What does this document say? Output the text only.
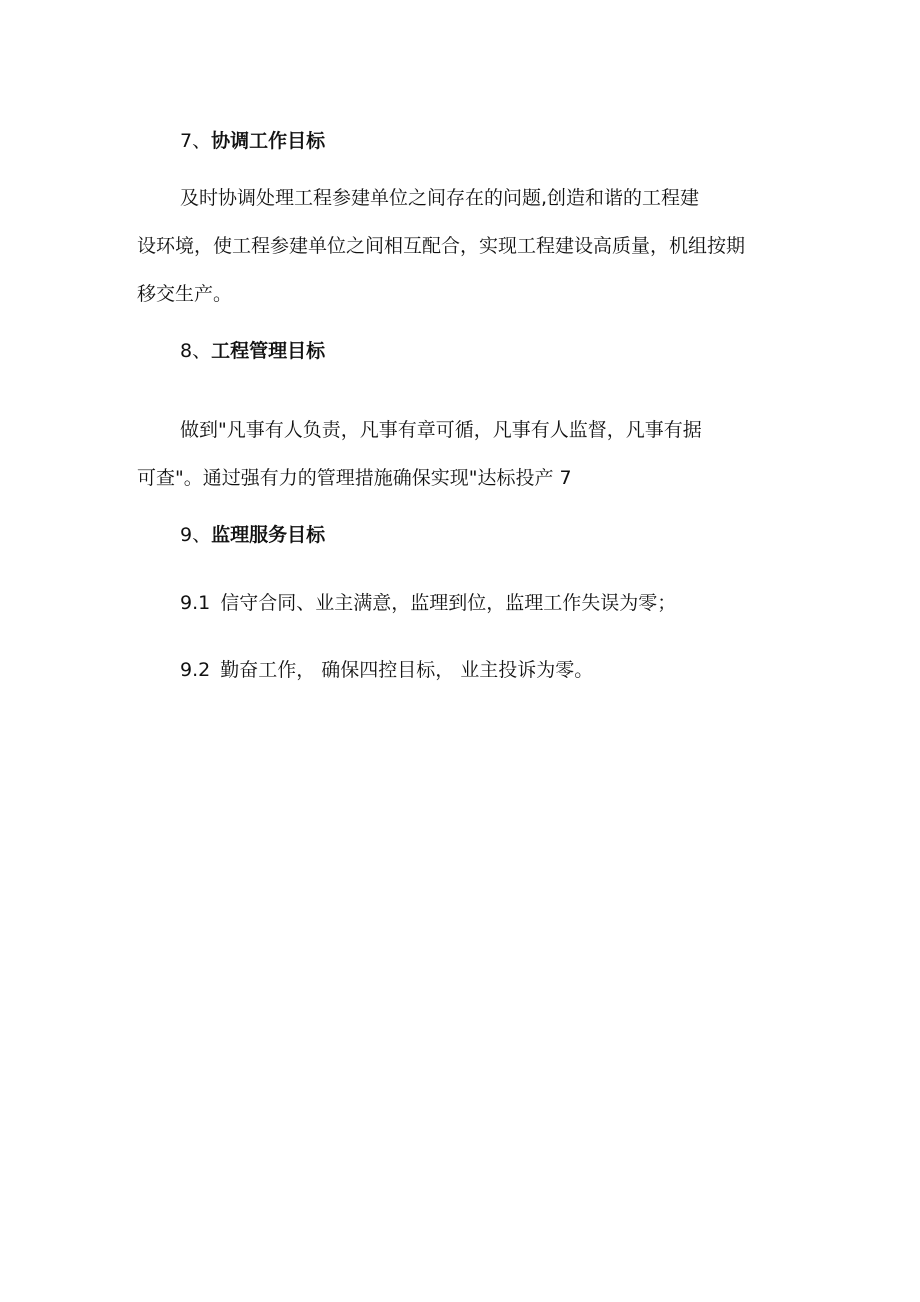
7、协调工作目标
及时协调处理工程参建单位之间存在的问题,创造和谐的工程建
设环境，使工程参建单位之间相互配合，实现工程建设高质量，机组按期
移交生产。
8、工程管理目标
做到"凡事有人负责，凡事有章可循，凡事有人监督，凡事有据
可查"。通过强有力的管理措施确保实现"达标投产 7
9、监理服务目标
9.1 信守合同、业主满意，监理到位，监理工作失误为零；
9.2 勤奋工作， 确保四控目标， 业主投诉为零。
